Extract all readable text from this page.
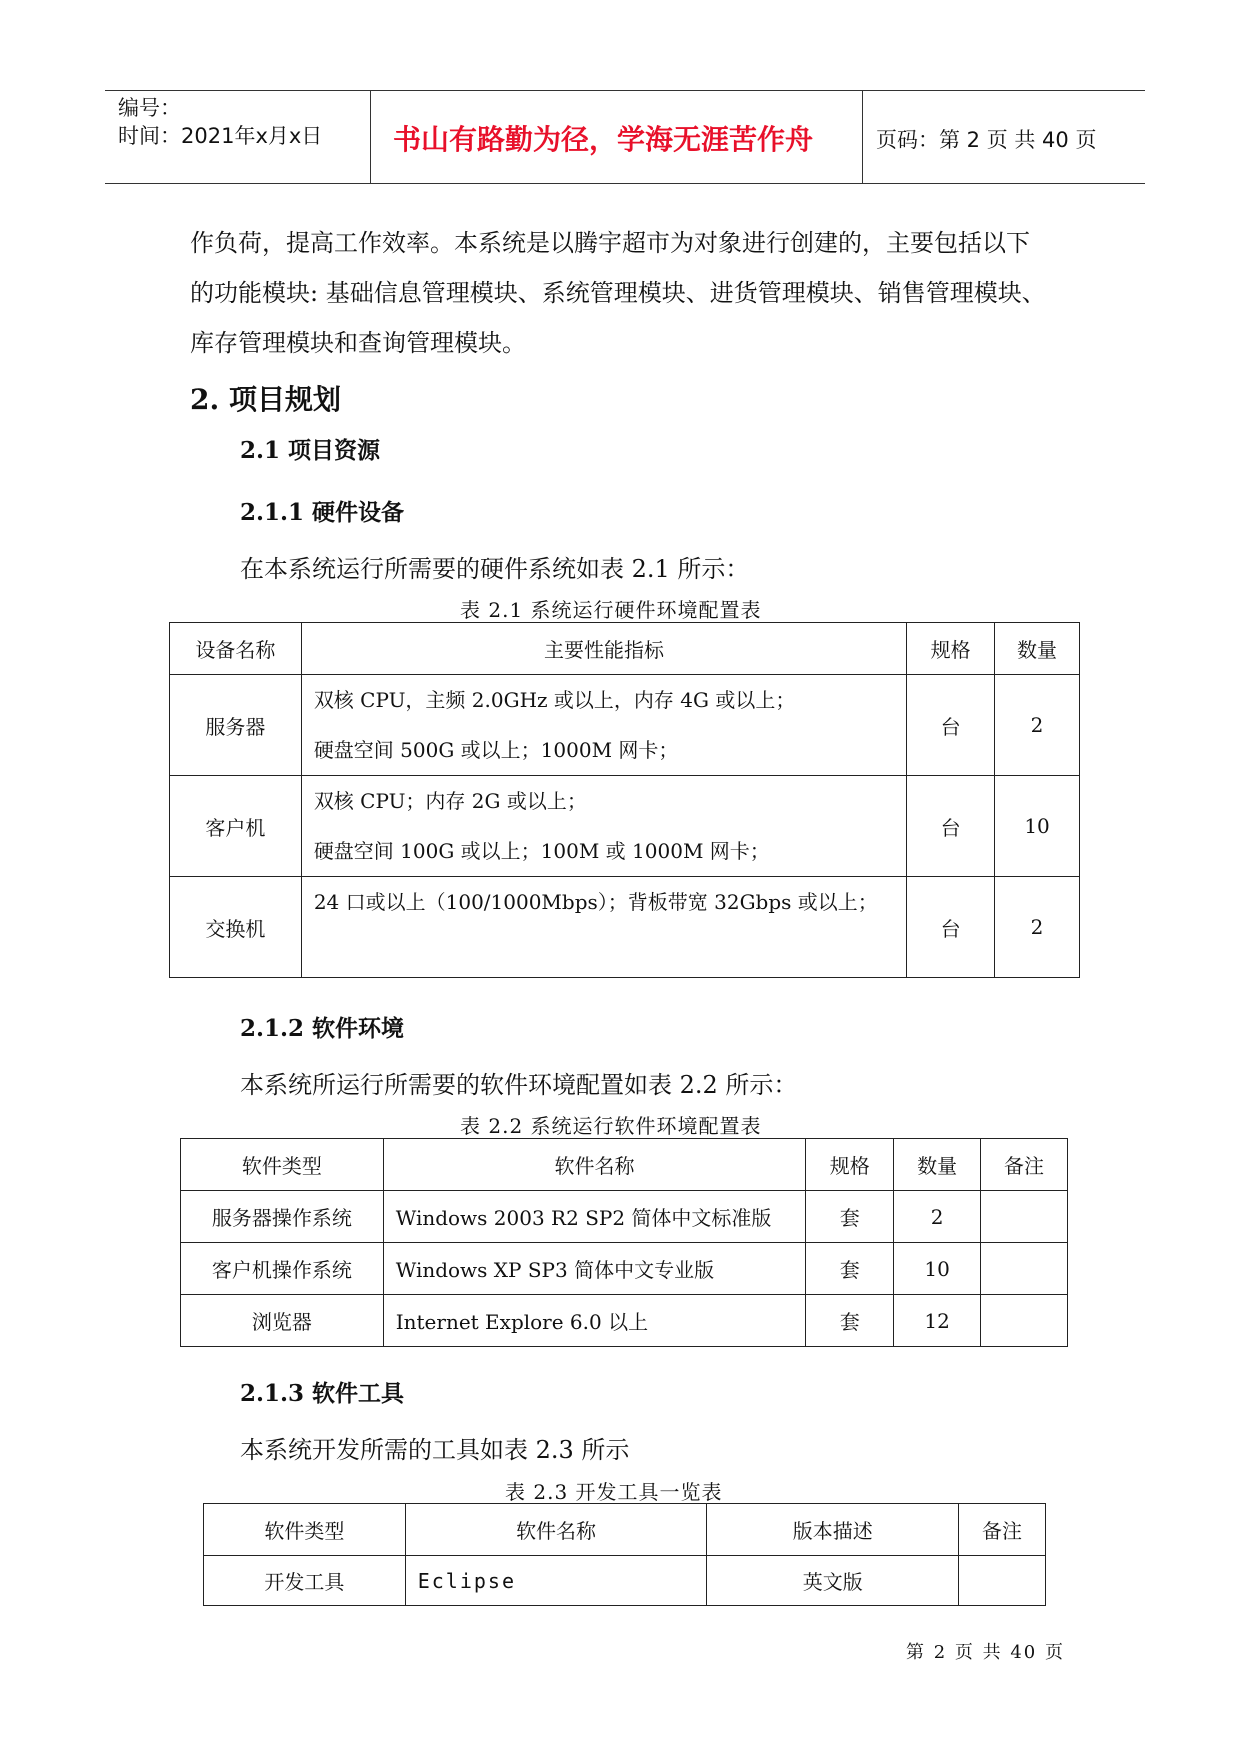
编号：
时间：2021年x月x日	书山有路勤为径，学海无涯苦作舟	页码：第 2 页 共 40 页
作负荷，提高工作效率。本系统是以腾宇超市为对象进行创建的，主要包括以下
的功能模块: 基础信息管理模块、系统管理模块、进货管理模块、销售管理模块、
库存管理模块和查询管理模块。
2. 项目规划
2.1 项目资源
2.1.1 硬件设备
在本系统运行所需要的硬件系统如表 2.1 所示：
表 2.1 系统运行硬件环境配置表
设备名称	主要性能指标	规格	数量
服务器	双核 CPU，主频 2.0GHz 或以上，内存 4G 或以上；
硬盘空间 500G 或以上；1000M 网卡；	台	2
客户机	双核 CPU；内存 2G 或以上；
硬盘空间 100G 或以上；100M 或 1000M 网卡；	台	10
交换机	24 口或以上（100/1000Mbps）；背板带宽 32Gbps 或以上；	台	2
2.1.2 软件环境
本系统所运行所需要的软件环境配置如表 2.2 所示：
表 2.2 系统运行软件环境配置表
软件类型	软件名称	规格	数量	备注
服务器操作系统	Windows 2003 R2 SP2 简体中文标准版	套	2	
客户机操作系统	Windows XP SP3 简体中文专业版	套	10	
浏览器	Internet Explore 6.0 以上	套	12	
2.1.3 软件工具
本系统开发所需的工具如表 2.3 所示
表 2.3 开发工具一览表
软件类型	软件名称	版本描述	备注
开发工具	Eclipse	英文版	
第 2 页 共 40 页
